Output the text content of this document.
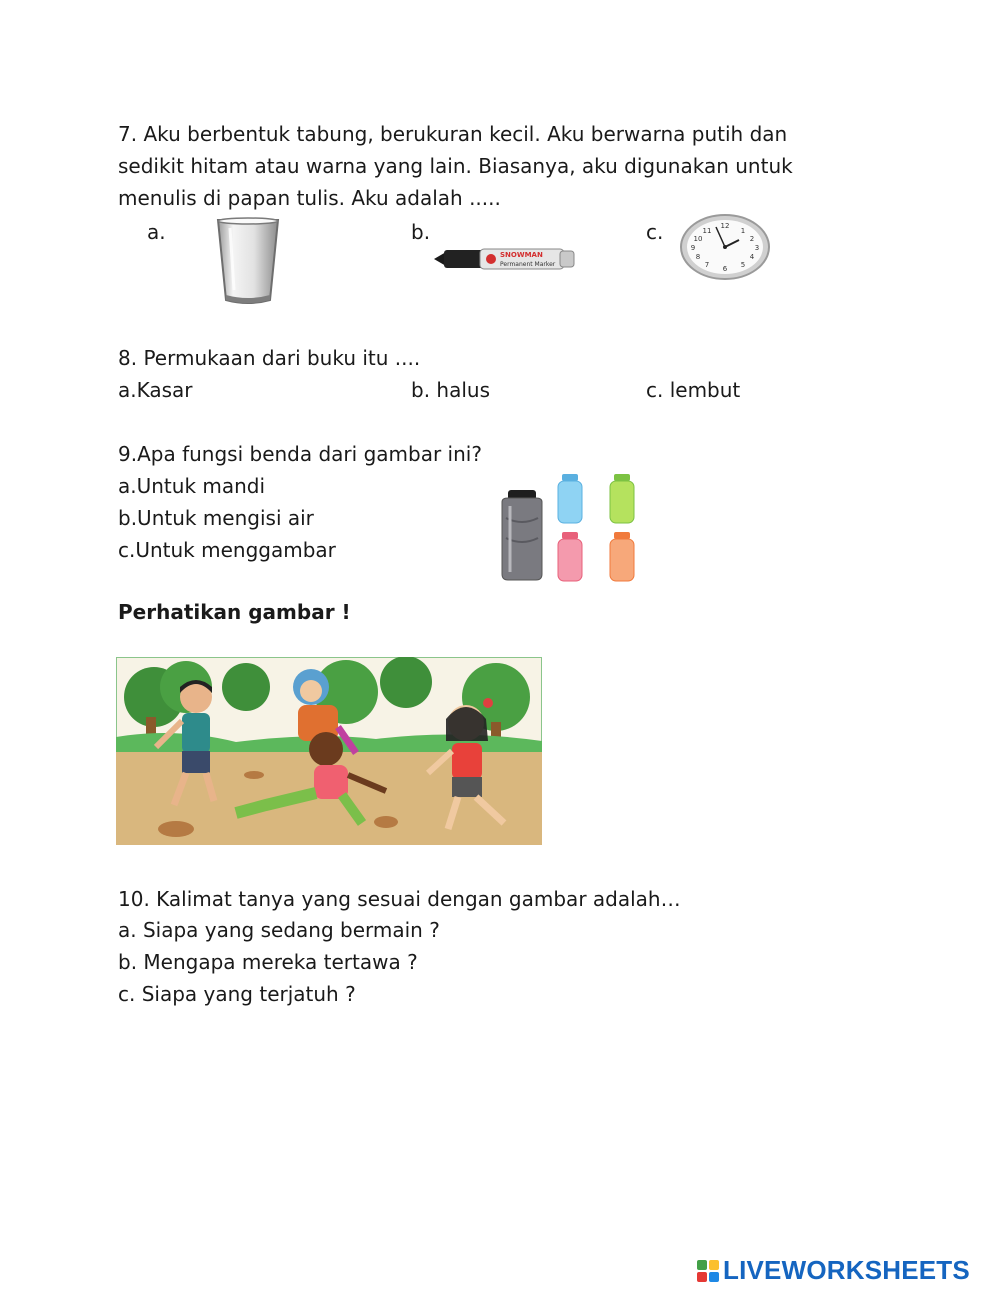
7. Aku berbentuk tabung, berukuran kecil. Aku berwarna putih dan
sedikit hitam atau warna yang lain. Biasanya, aku digunakan untuk
menulis di papan tulis. Aku adalah .....
a.	b.	c.
SNOWMAN
Permanent Marker
12
1
2
3
4
5
6
7
8
9
10
11
8. Permukaan dari buku itu ....
a.Kasar	b. halus	c. lembut
9.Apa fungsi benda dari gambar ini?
a.Untuk mandi
b.Untuk mengisi air
c.Untuk menggambar
Perhatikan gambar !
10. Kalimat tanya yang sesuai dengan gambar adalah…
a. Siapa yang sedang bermain ?
b. Mengapa mereka tertawa ?
c. Siapa yang terjatuh ?
LIVEWORKSHEETS
